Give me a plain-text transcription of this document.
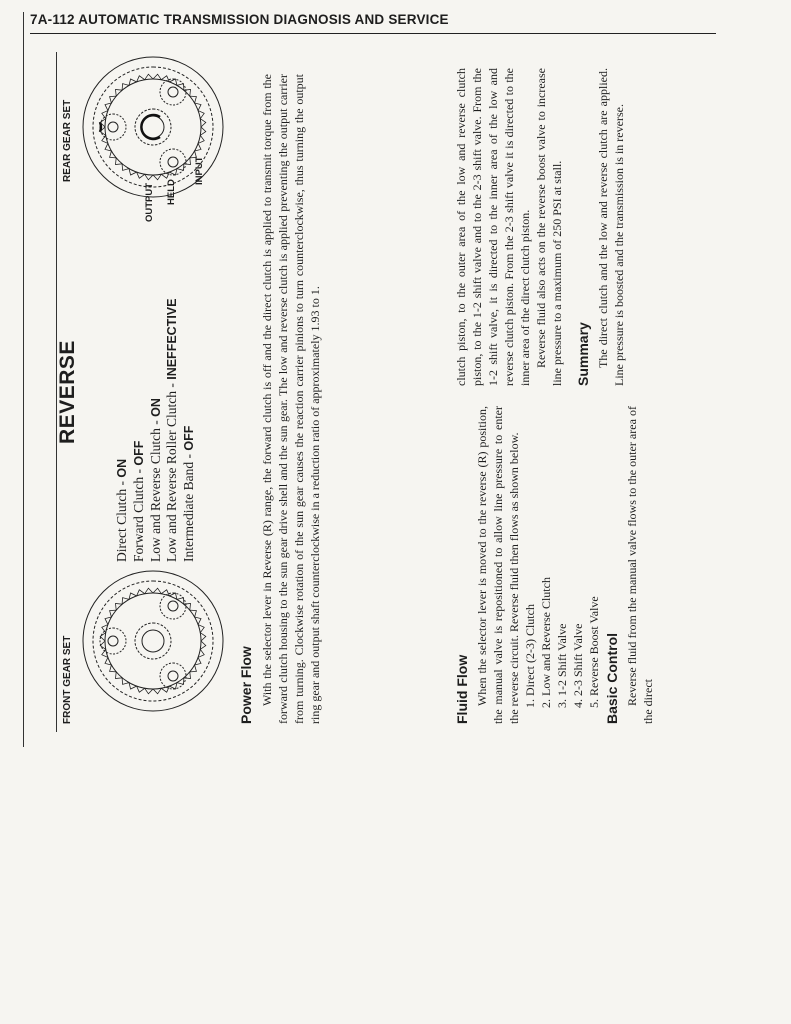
7A-112 AUTOMATIC TRANSMISSION DIAGNOSIS AND SERVICE
REVERSE
FRONT GEAR SET
REAR GEAR SET
OUTPUT HELD
INPUT
Direct Clutch - ON Forward Clutch - OFF Low and Reverse Clutch - ON Low and Reverse Roller Clutch - INEFFECTIVE
Intermediate Band - OFF
Power Flow With the selector lever in Reverse (R) range, the forward clutch is off and the direct clutch is applied to transmit torque from the forward clutch housing to the sun gear drive shell and the sun gear. The low and reverse clutch is applied preventing the output carrier from turning. Clockwise rotation of the sun gear causes the reaction carrier pinions to turn counterclockwise, thus turning the output ring gear and output shaft counterclockwise in a reduction ratio of approximately 1.93 to 1.	Fluid Flow When the selector lever is moved to the reverse (R) position, the manual valve is repositioned to allow line pressure to enter the reverse circuit. Reverse fluid then flows as shown below. 1. Direct (2-3) Clutch 2. Low and Reverse Clutch 3. 1-2 Shift Valve 4. 2-3 Shift Valve 5. Reverse Boost Valve Basic Control Reverse fluid from the manual valve flows to the outer area of the direct

clutch piston, to the outer area of the low and reverse clutch piston, to the 1-2 shift valve and to the 2-3 shift valve. From the 1-2 shift valve, it is directed to the inner area of the low and reverse clutch piston. From the 2-3 shift valve it is directed to the inner area of the direct clutch piston. Reverse fluid also acts on the reverse boost valve to increase line pressure to a maximum of 250 PSI at stall. Summary The direct clutch and the low and reverse clutch are applied. Line pressure is boosted and the transmission is in reverse.
